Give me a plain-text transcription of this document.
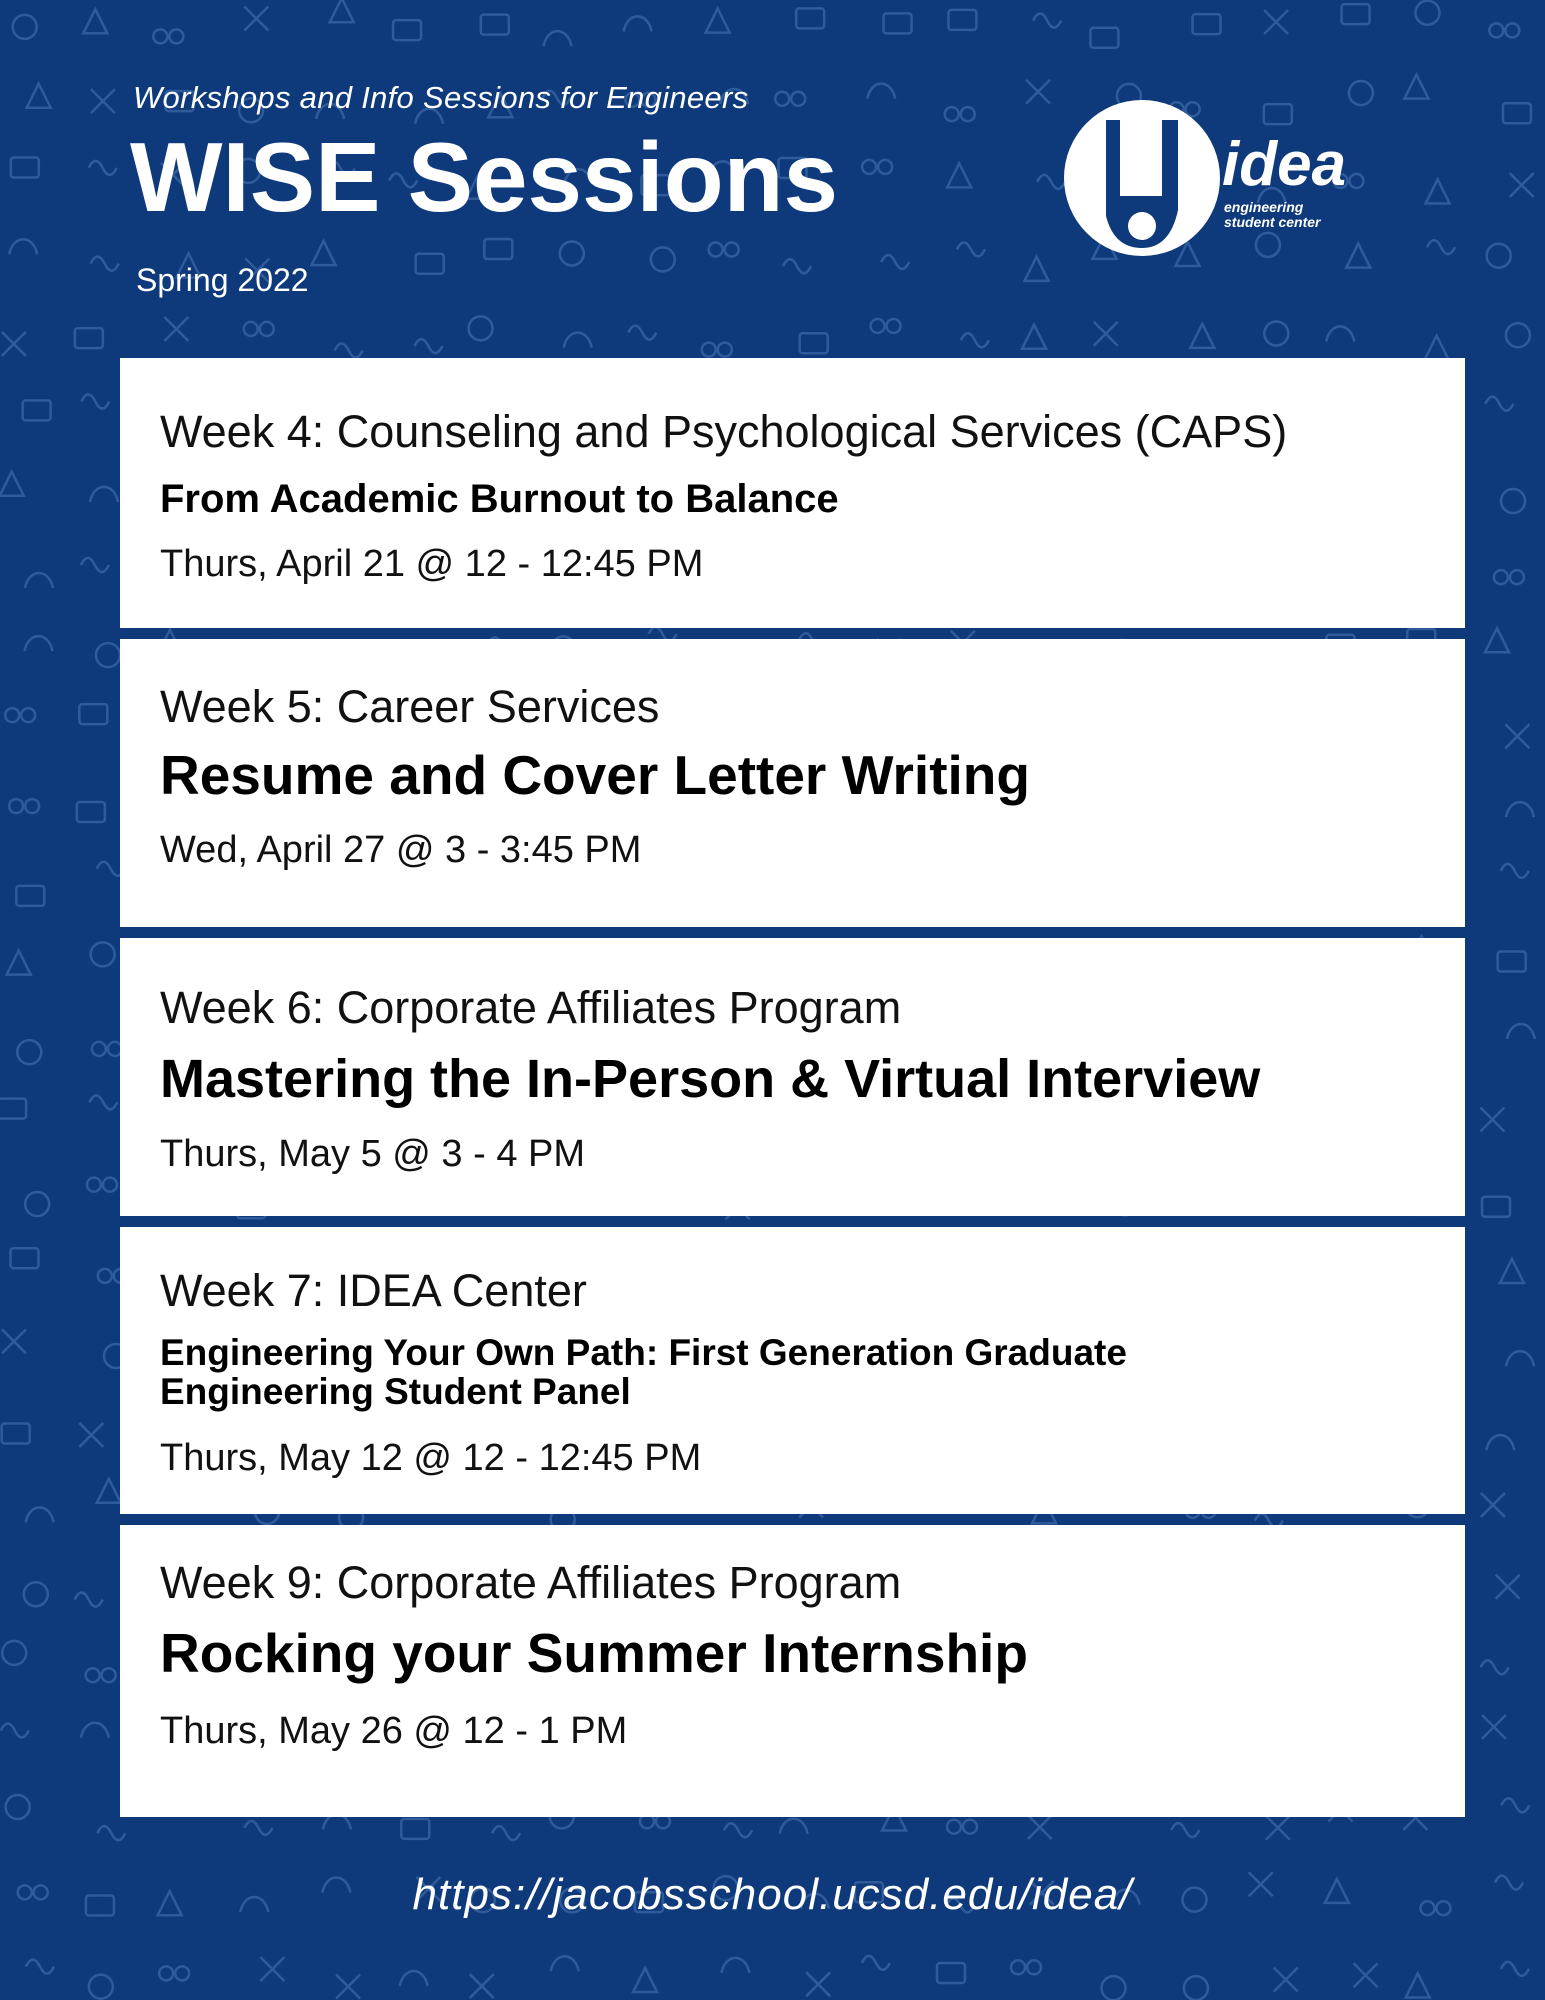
Workshops and Info Sessions for Engineers
WISE Sessions
Spring 2022
idea
engineering
student center
Week 4: Counseling and Psychological Services (CAPS)
From Academic Burnout to Balance
Thurs, April 21 @ 12 - 12:45 PM
Week 5: Career Services
Resume and Cover Letter Writing
Wed, April 27 @ 3 - 3:45 PM
Week 6: Corporate Affiliates Program
Mastering the In-Person & Virtual Interview
Thurs, May 5 @ 3 - 4 PM
Week 7: IDEA Center
Engineering Your Own Path: First Generation Graduate
Engineering Student Panel
Thurs, May 12 @ 12 - 12:45 PM
Week 9: Corporate Affiliates Program
Rocking your Summer Internship
Thurs, May 26 @ 12 - 1 PM
https://jacobsschool.ucsd.edu/idea/
